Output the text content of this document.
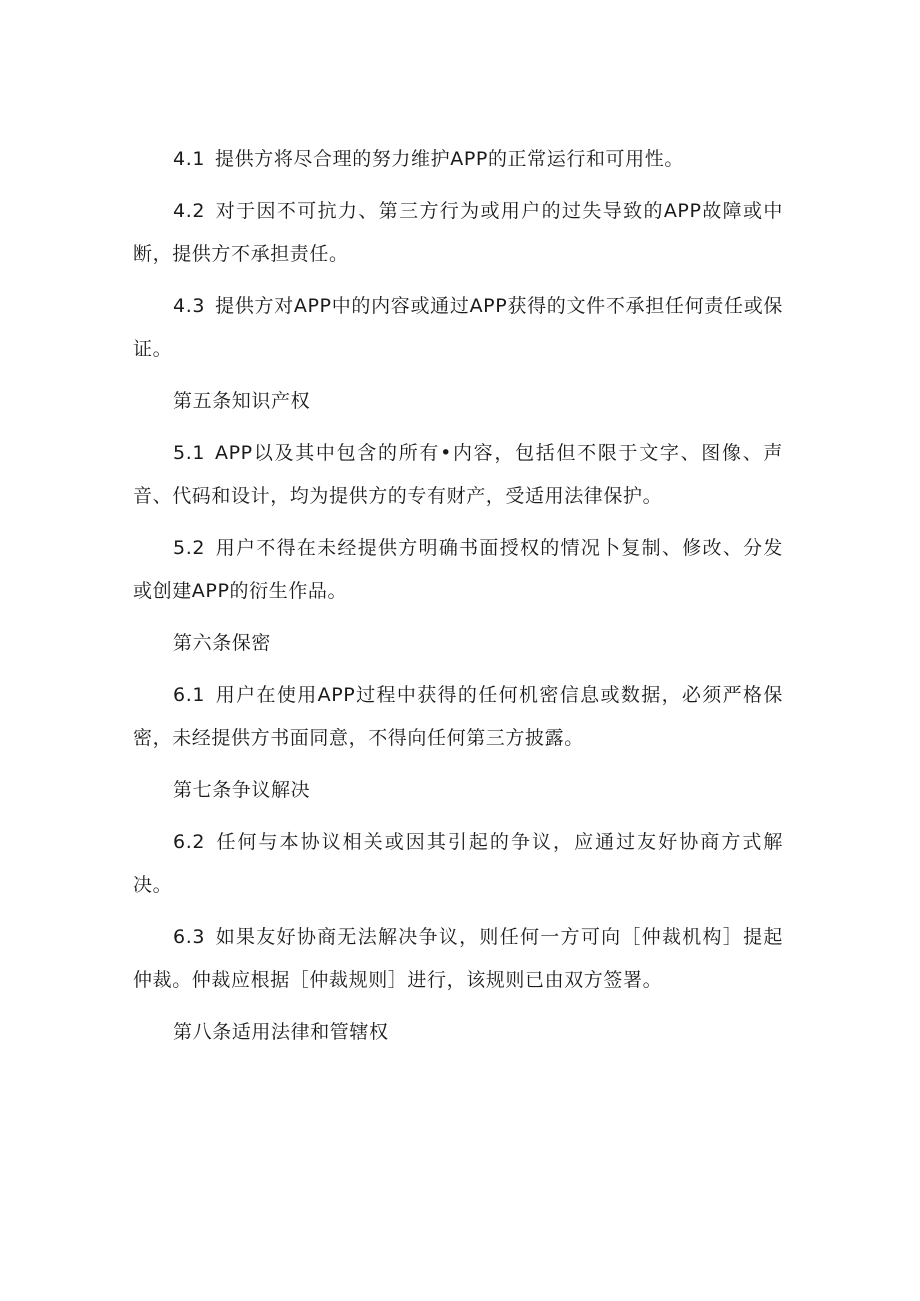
4.1 提供方将尽合理的努力维护APP的正常运行和可用性。

4.2 对于因不可抗力、第三方行为或用户的过失导致的APP故障或中断，提供方不承担责任。

4.3 提供方对APP中的内容或通过APP获得的文件不承担任何责任或保证。

第五条知识产权

5.1 APP以及其中包含的所有•内容，包括但不限于文字、图像、声音、代码和设计，均为提供方的专有财产，受适用法律保护。

5.2 用户不得在未经提供方明确书面授权的情况卜复制、修改、分发或创建APP的衍生作品。

第六条保密

6.1 用户在使用APP过程中获得的任何机密信息或数据，必须严格保密，未经提供方书面同意，不得向任何第三方披露。

第七条争议解决

6.2 任何与本协议相关或因其引起的争议，应通过友好协商方式解决。

6.3 如果友好协商无法解决争议，则任何一方可向［仲裁机构］提起仲裁。仲裁应根据［仲裁规则］进行，该规则已由双方签署。

第八条适用法律和管辖权
